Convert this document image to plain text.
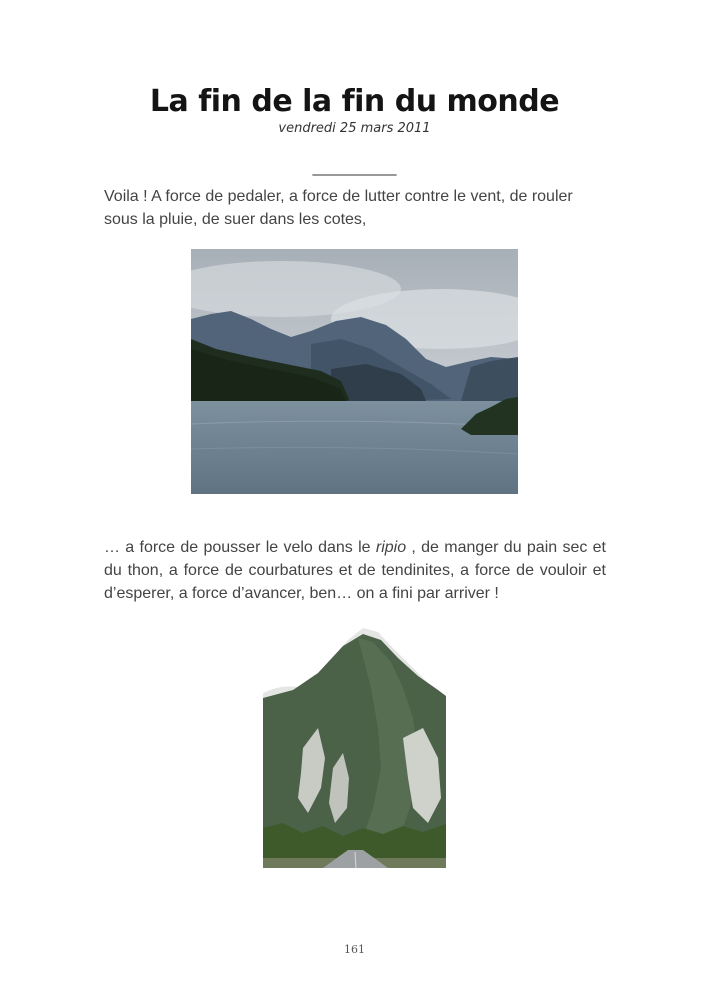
La fin de la fin du monde
vendredi 25 mars 2011
____________

Voila ! A force de pedaler, a force de lutter contre le vent, de rouler sous la pluie, de suer dans les cotes,

… a force de pousser le velo dans le ripio , de manger du pain sec et du thon, a force de courbatures et de tendinites, a force de vouloir et d’esperer, a force d’avancer, ben… on a fini par arriver !

161
